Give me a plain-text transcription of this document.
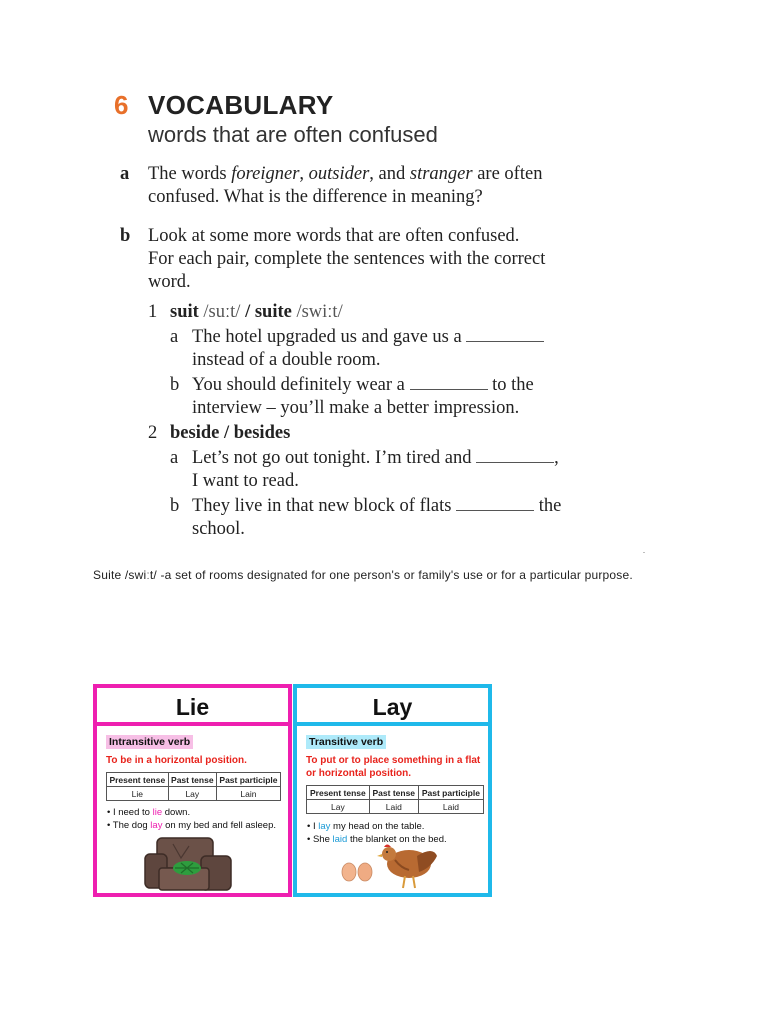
6 VOCABULARY
words that are often confused
a The words foreigner, outsider, and stranger are often
confused. What is the difference in meaning?
b Look at some more words that are often confused.
For each pair, complete the sentences with the correct
word.
1 suit /suːt/ / suite /swiːt/
a The hotel upgraded us and gave us a
instead of a double room.
b You should definitely wear a	to the
interview – you’ll make a better impression.
2 beside / besides
a Let’s not go out tonight. I’m tired and	,
I want to read.
b They live in that new block of flats	the
school.
.
Suite /swiːt/ -a set of rooms designated for one person's or family's use or for a particular purpose.
Lie
Intransitive verb
To be in a horizontal position.
Present tense	Past tense	Past participle
Lie	Lay	Lain
• I need to lie down.
• The dog lay on my bed and fell asleep.
Lay
Transitive verb
To put or to place something in a flat or horizontal position.
Present tense	Past tense	Past participle
Lay	Laid	Laid
• I lay my head on the table.
• She laid the blanket on the bed.
